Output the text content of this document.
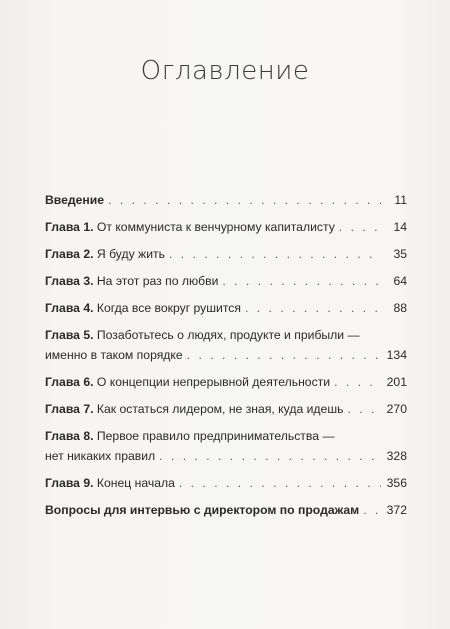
Оглавление
Введение . . .	11
Глава 1. От коммуниста к венчурному капиталисту . . .	14
Глава 2. Я буду жить . . .	35
Глава 3. На этот раз по любви . . .	64
Глава 4. Когда все вокруг рушится . . .	88
Глава 5. Позаботьтесь о людях, продукте и прибыли —
именно в таком порядке . . .	134
Глава 6. О концепции непрерывной деятельности . . .	201
Глава 7. Как остаться лидером, не зная, куда идешь . . .	270
Глава 8. Первое правило предпринимательства —
нет никаких правил . . .	328
Глава 9. Конец начала . . .	356
Вопросы для интервью с директором по продажам . . . 372
